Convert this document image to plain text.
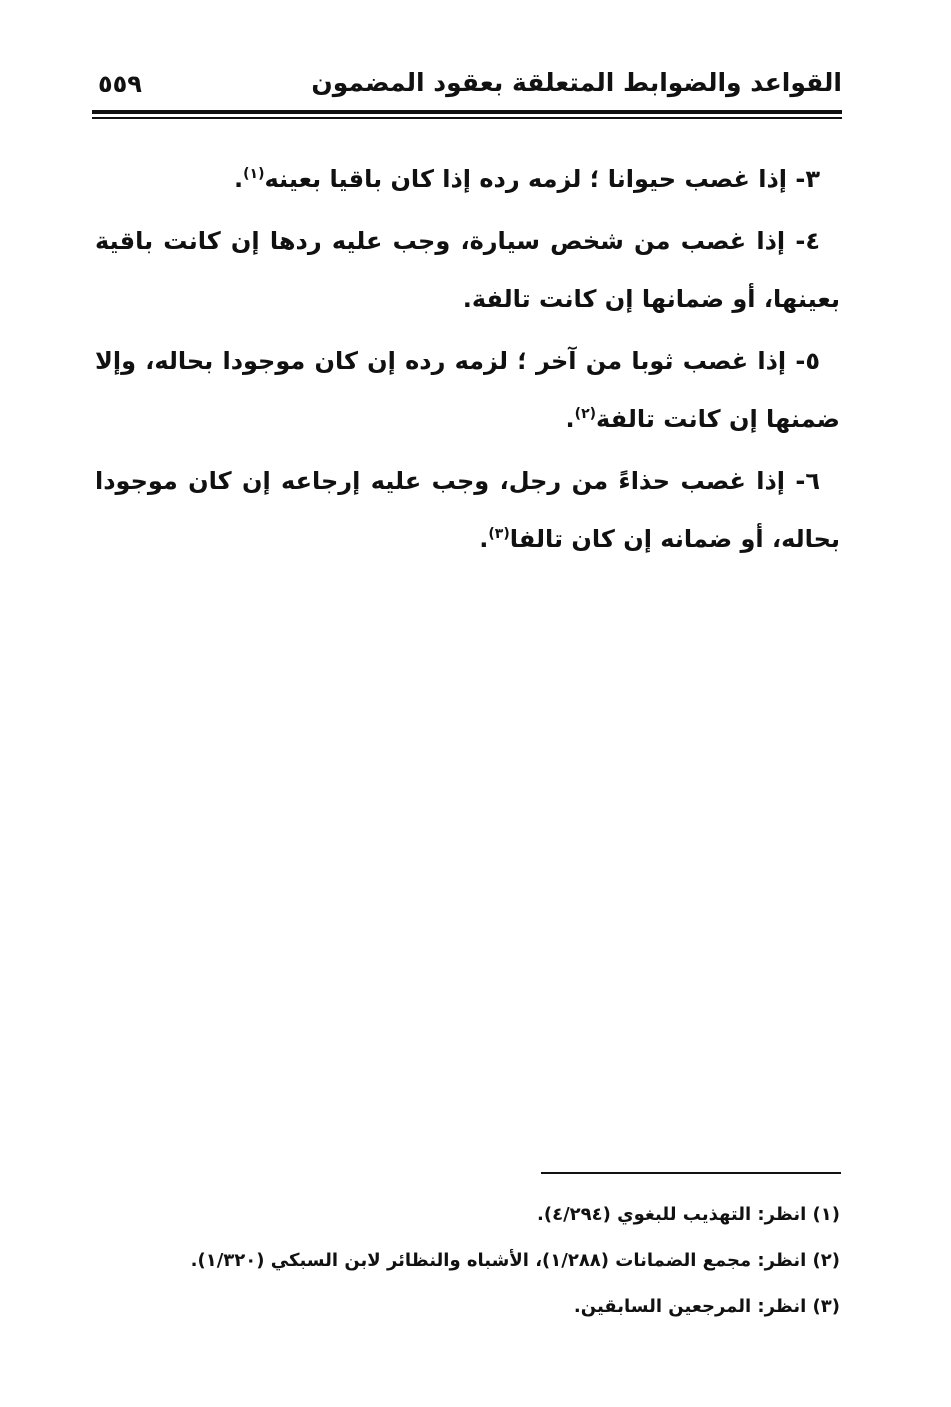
القواعد والضوابط المتعلقة بعقود المضمون
٥٥٩

٣- إذا غصب حيوانا ؛ لزمه رده إذا كان باقيا بعينه$^{(١)}$.

٤- إذا غصب من شخص سيارة، وجب عليه ردها إن كانت باقية بعينها، أو ضمانها إن كانت تالفة.

٥- إذا غصب ثوبا من آخر ؛ لزمه رده إن كان موجودا بحاله، وإلا ضمنها إن كانت تالفة$^{(٢)}$.

٦- إذا غصب حذاءً من رجل، وجب عليه إرجاعه إن كان موجودا بحاله، أو ضمانه إن كان تالفا$^{(٣)}$.

(١) انظر: التهذيب للبغوي (٤/٢٩٤).

(٢) انظر: مجمع الضمانات (١/٢٨٨)، الأشباه والنظائر لابن السبكي (١/٣٢٠).

(٣) انظر: المرجعين السابقين.
